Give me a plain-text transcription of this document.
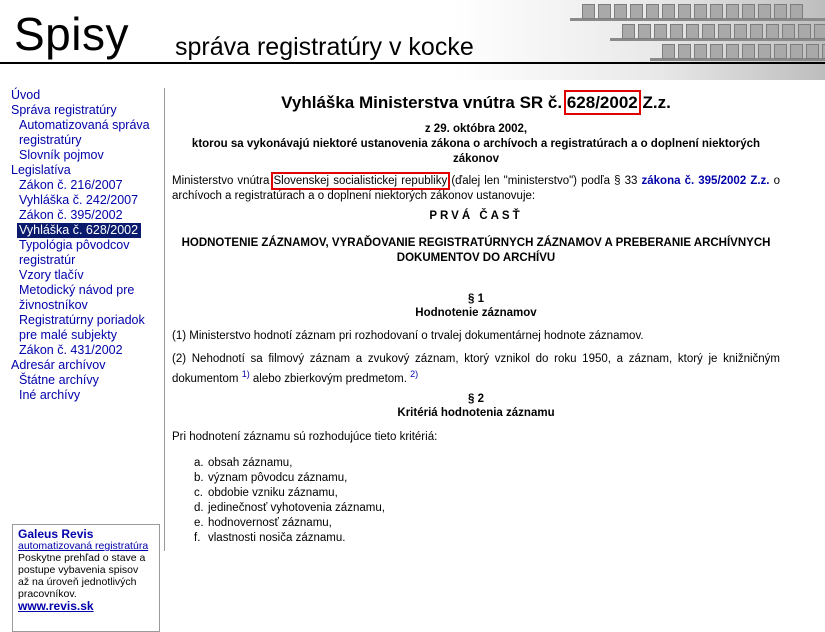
Spisy správa registratúry v kocke
Úvod
Správa registratúry
Automatizovaná správa
registratúry
Slovník pojmov
Legislatíva
Zákon č. 216/2007
Vyhláška č. 242/2007
Zákon č. 395/2002
Vyhláška č. 628/2002
Typológia pôvodcov
registratúr
Vzory tlačív
Metodický návod pre
živnostníkov
Registratúrny poriadok
pre malé subjekty
Zákon č. 431/2002
Adresár archívov
Štátne archívy
Iné archívy
Galeus Revis
automatizovaná registratúra
Poskytne prehľad o stave a
postupe vybavenia spisov
až na úroveň jednotlivých
pracovníkov.
www.revis.sk
Vyhláška Ministerstva vnútra SR č. 628/2002 Z.z.
z 29. októbra 2002,
ktorou sa vykonávajú niektoré ustanovenia zákona o archívoch a registratúrach a o doplnení niektorých zákonov
Ministerstvo vnútra Slovenskej socialistickej republiky (ďalej len "ministerstvo") podľa § 33 zákona č. 395/2002 Z.z. o archívoch a registratúrach a o doplnení niektorých zákonov ustanovuje:
PRVÁ ČASŤ
HODNOTENIE ZÁZNAMOV, VYRAĎOVANIE REGISTRATÚRNYCH ZÁZNAMOV A PREBERANIE ARCHÍVNYCH DOKUMENTOV DO ARCHÍVU
§ 1
Hodnotenie záznamov
(1) Ministerstvo hodnotí záznam pri rozhodovaní o trvalej dokumentárnej hodnote záznamov.
(2) Nehodnotí sa filmový záznam a zvukový záznam, ktorý vznikol do roku 1950, a záznam, ktorý je knižničným dokumentom $^{1)}$ alebo zbierkovým predmetom. $^{2)}$
§ 2
Kritériá hodnotenia záznamu
Pri hodnotení záznamu sú rozhodujúce tieto kritériá:
a. obsah záznamu,
b. význam pôvodcu záznamu,
c. obdobie vzniku záznamu,
d. jedinečnosť vyhotovenia záznamu,
e. hodnovernosť záznamu,
f. vlastnosti nosiča záznamu.
